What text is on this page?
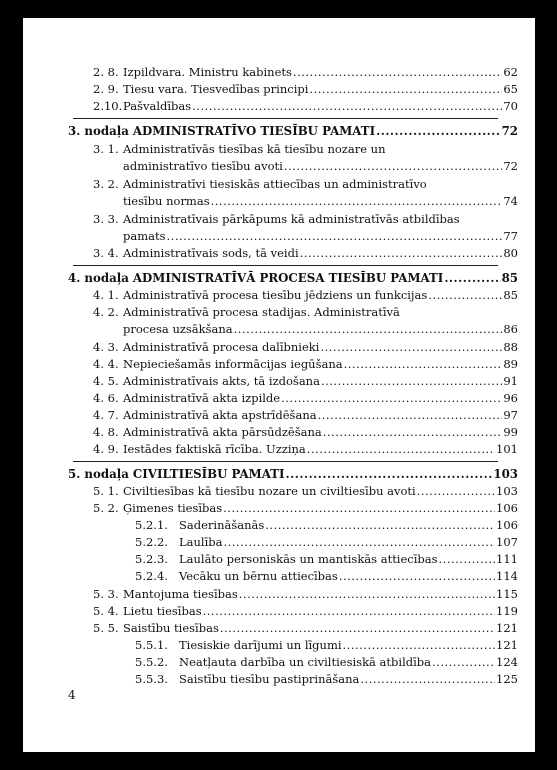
2. 8. Izpildvara. Ministru kabinets .....	62
2. 9. Tiesu vara. Tiesvedības principi .....	65
2.10. Pašvaldības .....	70
3. nodaļa ADMINISTRATĪVO TIESĪBU PAMATI .....	72
3. 1. Administratīvās tiesības kā tiesību nozare un
administratīvo tiesību avoti .....	72
3. 2. Administratīvi tiesiskās attiecības un administratīvo
tiesību normas .....	74
3. 3. Administratīvais pārkāpums kā administratīvās atbildības
pamats .....	77
3. 4. Administratīvais sods, tā veidi .....	80
4. nodaļa ADMINISTRATĪVĀ PROCESA TIESĪBU PAMATI .....	85
4. 1. Administratīvā procesa tiesību jēdziens un funkcijas .....	85
4. 2. Administratīvā procesa stadijas. Administratīvā
procesa uzsākšana .....	86
4. 3. Administratīvā procesa dalībnieki .....	88
4. 4. Nepieciešamās informācijas iegūšana .....	89
4. 5. Administratīvais akts, tā izdošana .....	91
4. 6. Administratīvā akta izpilde .....	96
4. 7. Administratīvā akta apstrīdēšana .....	97
4. 8. Administratīvā akta pārsūdzēšana .....	99
4. 9. Iestādes faktiskā rīcība. Uzziņa .....	101
5. nodaļa CIVILTIESĪBU PAMATI .....	103
5. 1. Civiltiesības kā tiesību nozare un civiltiesību avoti .....	103
5. 2. Ģimenes tiesības .....	106
5.2.1. Saderināšanās .....	106
5.2.2. Laulība .....	107
5.2.3. Laulāto personiskās un mantiskās attiecības .....	111
5.2.4. Vecāku un bērnu attiecības .....	114
5. 3. Mantojuma tiesības .....	115
5. 4. Lietu tiesības .....	119
5. 5. Saistību tiesības .....	121
5.5.1. Tiesiskie darījumi un līgumi .....	121
5.5.2. Neatļauta darbība un civiltiesiskā atbildība .....	124
5.5.3. Saistību tiesību pastiprināšana .....	125
4
